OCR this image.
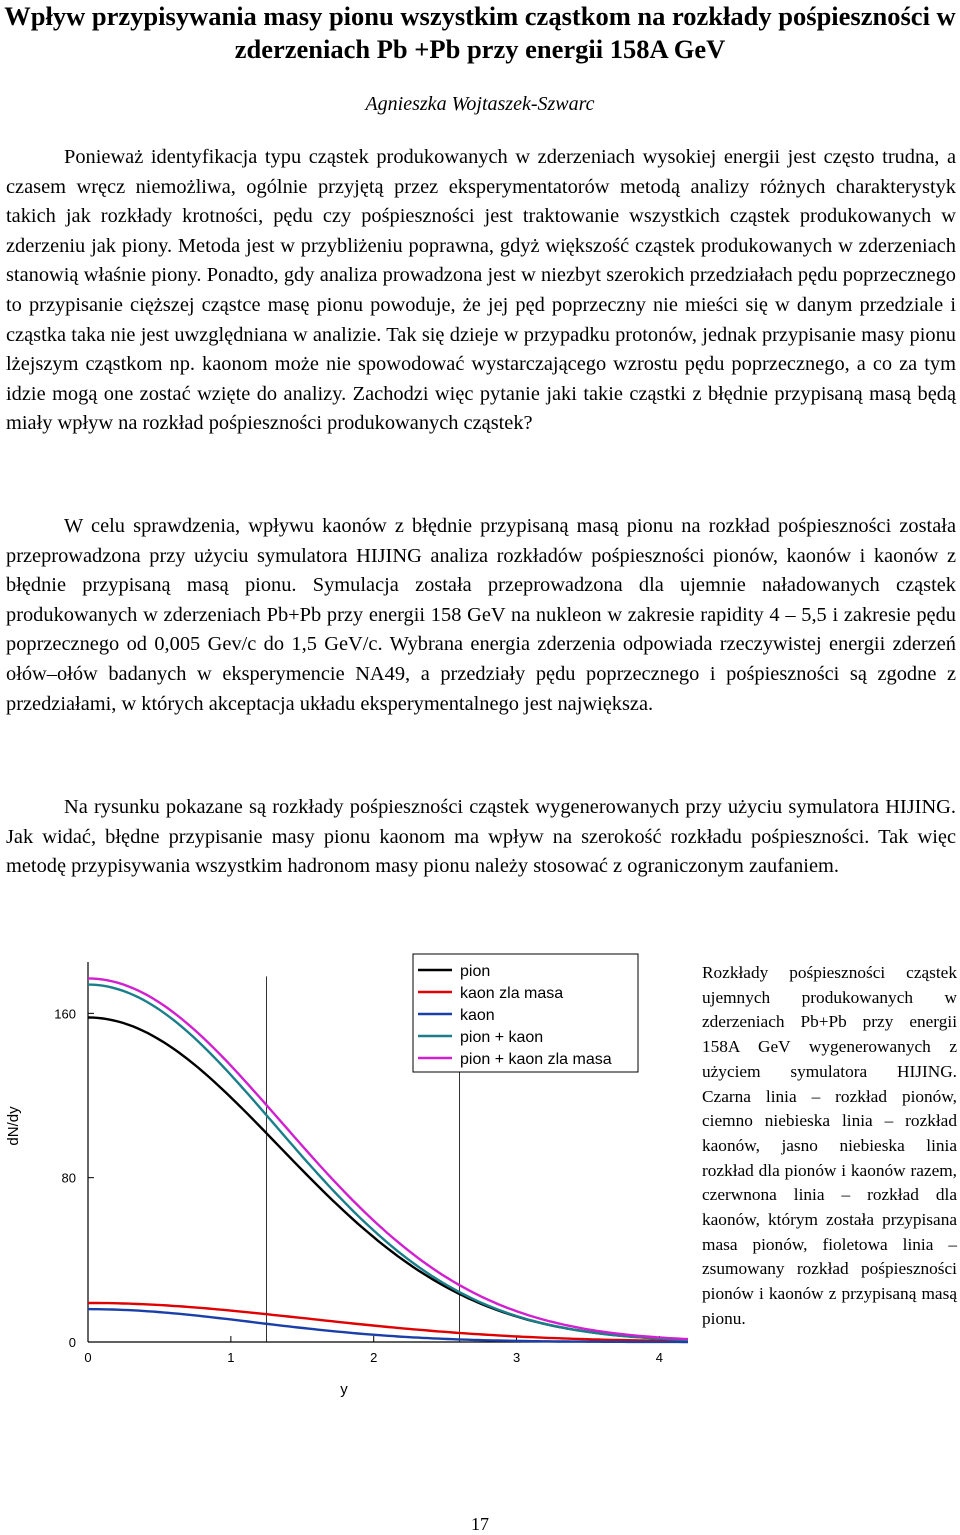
Wpływ przypisywania masy pionu wszystkim cząstkom na rozkłady pośpieszności w zderzeniach Pb +Pb przy energii 158A GeV
Agnieszka Wojtaszek-Szwarc
Ponieważ identyfikacja typu cząstek produkowanych w zderzeniach wysokiej energii jest często trudna, a czasem wręcz niemożliwa, ogólnie przyjętą przez eksperymentatorów metodą analizy różnych charakterystyk takich jak rozkłady krotności, pędu czy pośpieszności jest traktowanie wszystkich cząstek produkowanych w zderzeniu jak piony. Metoda jest w przybliżeniu poprawna, gdyż większość cząstek produkowanych w zderzeniach stanowią właśnie piony. Ponadto, gdy analiza prowadzona jest w niezbyt szerokich przedziałach pędu poprzecznego to przypisanie cięższej cząstce masę pionu powoduje, że jej pęd poprzeczny nie mieści się w danym przedziale i cząstka taka nie jest uwzględniana w analizie. Tak się dzieje w przypadku protonów, jednak przypisanie masy pionu lżejszym cząstkom np. kaonom może nie spowodować wystarczającego wzrostu pędu poprzecznego, a co za tym idzie mogą one zostać wzięte do analizy. Zachodzi więc pytanie jaki takie cząstki z błędnie przypisaną masą będą miały wpływ na rozkład pośpieszności produkowanych cząstek?
W celu sprawdzenia, wpływu kaonów z błędnie przypisaną masą pionu na rozkład pośpieszności została przeprowadzona przy użyciu symulatora HIJING analiza rozkładów pośpieszności pionów, kaonów i kaonów z błędnie przypisaną masą pionu. Symulacja została przeprowadzona dla ujemnie naładowanych cząstek produkowanych w zderzeniach Pb+Pb przy energii 158 GeV na nukleon w zakresie rapidity 4 – 5,5 i zakresie pędu poprzecznego od 0,005 Gev/c do 1,5 GeV/c. Wybrana energia zderzenia odpowiada rzeczywistej energii zderzeń ołów–ołów badanych w eksperymencie NA49, a przedziały pędu poprzecznego i pośpieszności są zgodne z przedziałami, w których akceptacja układu eksperymentalnego jest największa.
Na rysunku pokazane są rozkłady pośpieszności cząstek wygenerowanych przy użyciu symulatora HIJING. Jak widać, błędne przypisanie masy pionu kaonom ma wpływ na szerokość rozkładu pośpieszności. Tak więc metodę przypisywania wszystkim hadronom masy pionu należy stosować z ograniczonym zaufaniem.
0	1	2	3	4
0
80
160
dN/dy
y
pion
kaon zla masa
kaon
pion + kaon
pion + kaon zla masa
Rozkłady pośpieszności cząstek ujemnych produkowanych w zderzeniach Pb+Pb przy energii 158A GeV wygenerowanych z użyciem symulatora HIJING. Czarna linia – rozkład pionów, ciemno niebieska linia – rozkład kaonów, jasno niebieska linia rozkład dla pionów i kaonów razem, czerwnona linia – rozkład dla kaonów, którym została przypisana masa pionów, fioletowa linia – zsumowany rozkład pośpieszności pionów i kaonów z przypisaną masą pionu.
17
